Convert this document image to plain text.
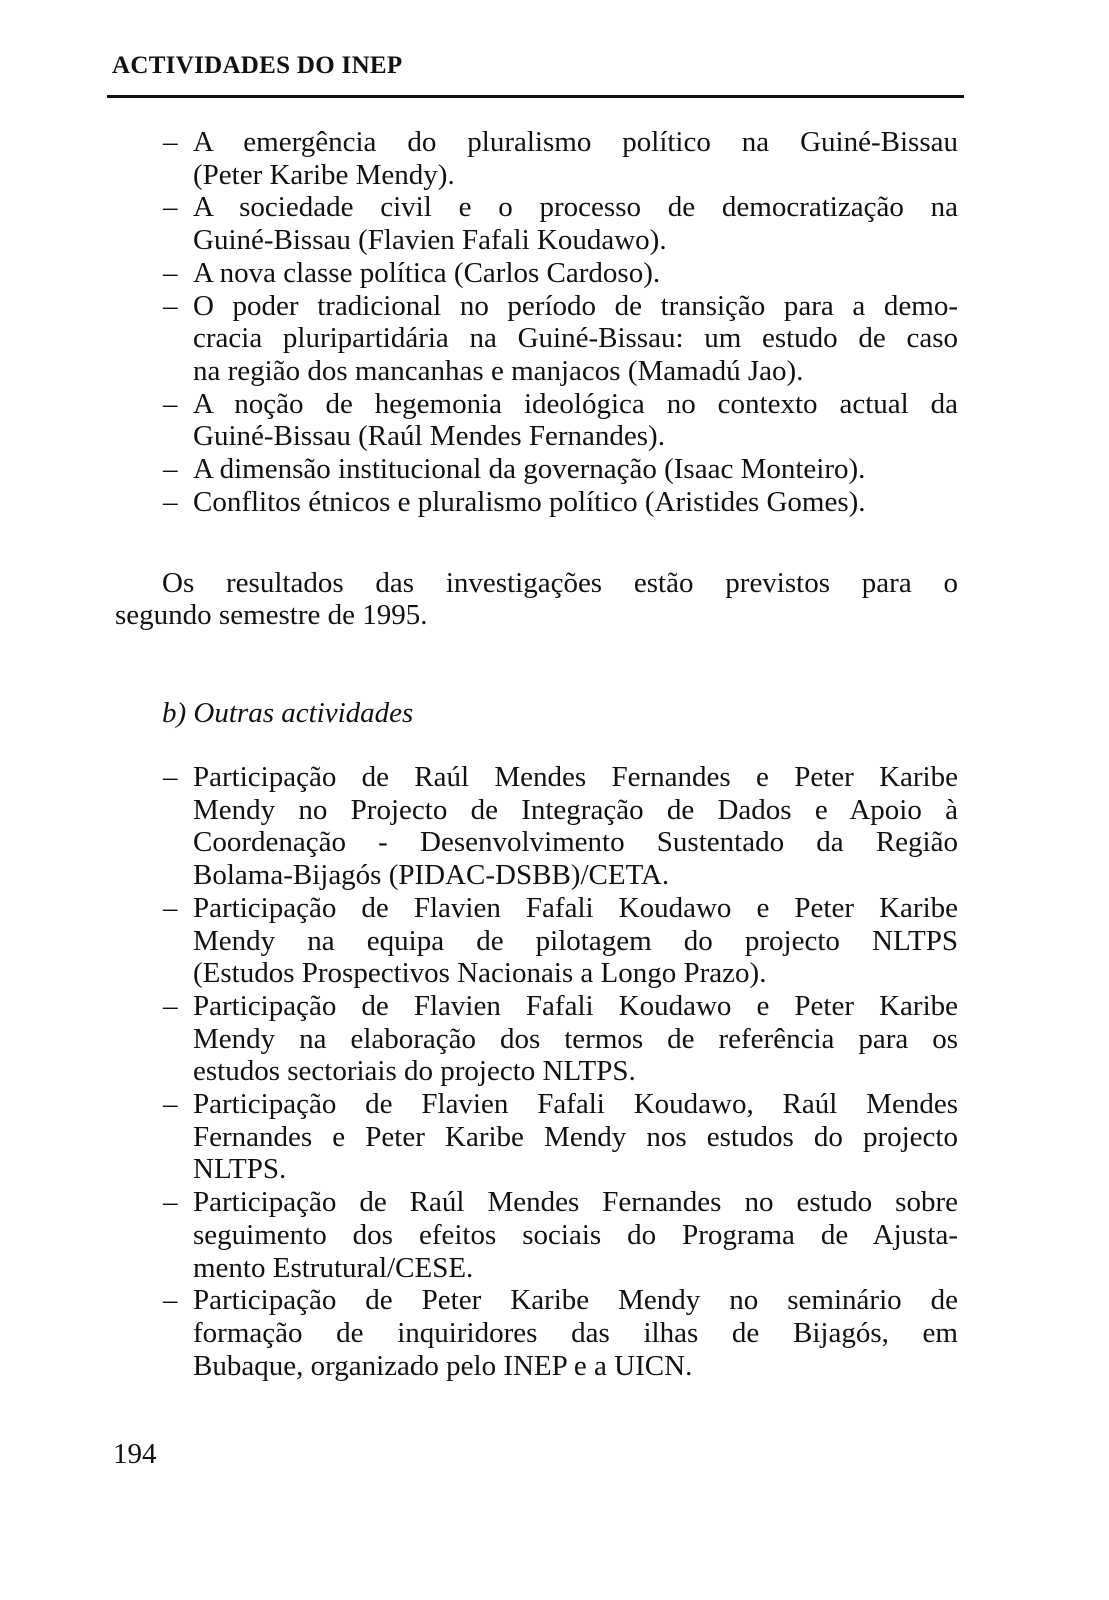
ACTIVIDADES DO INEP
– A emergência do pluralismo político na Guiné-Bissau
(Peter Karibe Mendy).
– A sociedade civil e o processo de democratização na
Guiné-Bissau (Flavien Fafali Koudawo).
– A nova classe política (Carlos Cardoso).
– O poder tradicional no período de transição para a demo-
cracia pluripartidária na Guiné-Bissau: um estudo de caso
na região dos mancanhas e manjacos (Mamadú Jao).
– A noção de hegemonia ideológica no contexto actual da
Guiné-Bissau (Raúl Mendes Fernandes).
– A dimensão institucional da governação (Isaac Monteiro).
– Conflitos étnicos e pluralismo político (Aristides Gomes).
Os resultados das investigações estão previstos para o
segundo semestre de 1995.
– Participação de Raúl Mendes Fernandes e Peter Karibe
Mendy no Projecto de Integração de Dados e Apoio à
Coordenação - Desenvolvimento Sustentado da Região
Bolama-Bijagós (PIDAC-DSBB)/CETA.
– Participação de Flavien Fafali Koudawo e Peter Karibe
Mendy na equipa de pilotagem do projecto NLTPS
(Estudos Prospectivos Nacionais a Longo Prazo).
– Participação de Flavien Fafali Koudawo e Peter Karibe
Mendy na elaboração dos termos de referência para os
estudos sectoriais do projecto NLTPS.
– Participação de Flavien Fafali Koudawo, Raúl Mendes
Fernandes e Peter Karibe Mendy nos estudos do projecto
NLTPS.
– Participação de Raúl Mendes Fernandes no estudo sobre
seguimento dos efeitos sociais do Programa de Ajusta-
mento Estrutural/CESE.
– Participação de Peter Karibe Mendy no seminário de
formação de inquiridores das ilhas de Bijagós, em
Bubaque, organizado pelo INEP e a UICN.
b) Outras actividades
194
